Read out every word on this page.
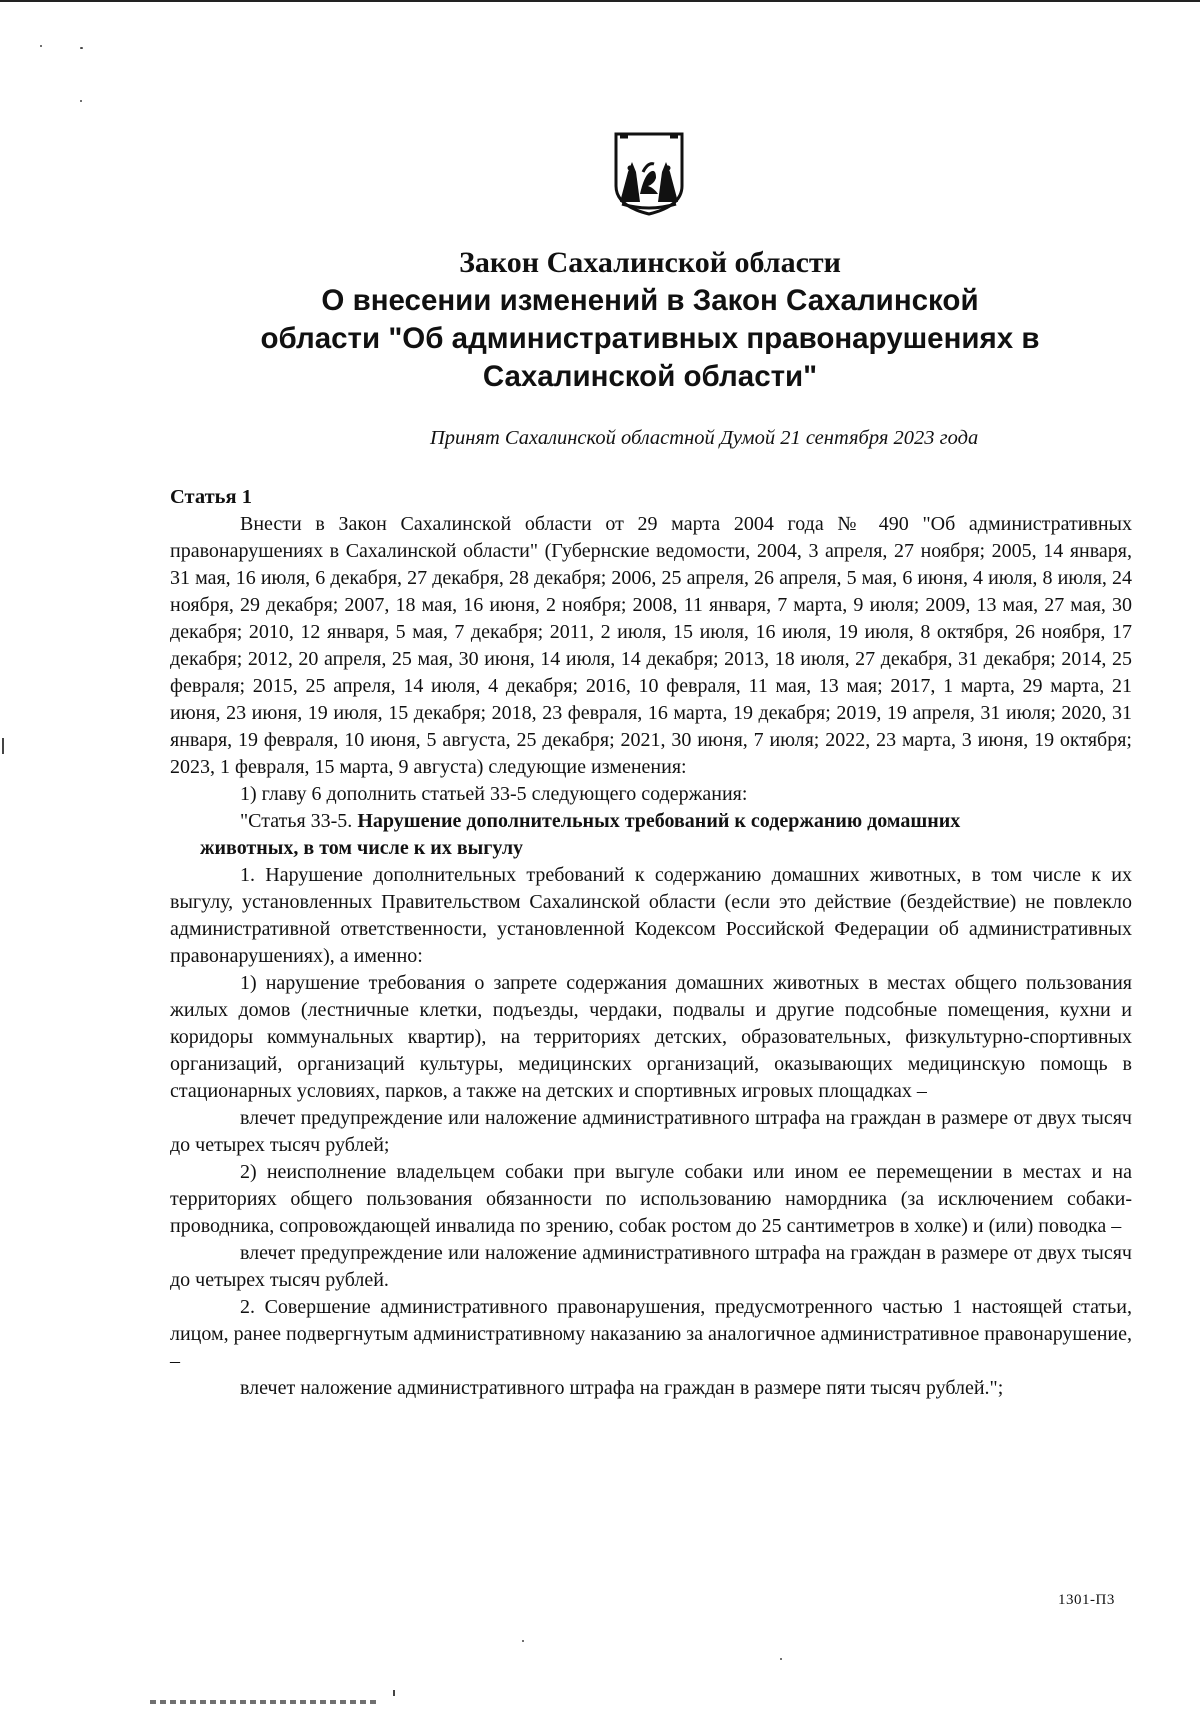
Закон Сахалинской области
О внесении изменений в Закон Сахалинской
области "Об административных правонарушениях в
Сахалинской области"
Принят Сахалинской областной Думой 21 сентября 2023 года

Статья 1

Внести в Закон Сахалинской области от 29 марта 2004 года № 490 "Об административных правонарушениях в Сахалинской области" (Губернские ведомости, 2004, 3 апреля, 27 ноября; 2005, 14 января, 31 мая, 16 июля, 6 декабря, 27 декабря, 28 декабря; 2006, 25 апреля, 26 апреля, 5 мая, 6 июня, 4 июля, 8 июля, 24 ноября, 29 декабря; 2007, 18 мая, 16 июня, 2 ноября; 2008, 11 января, 7 марта, 9 июля; 2009, 13 мая, 27 мая, 30 декабря; 2010, 12 января, 5 мая, 7 декабря; 2011, 2 июля, 15 июля, 16 июля, 19 июля, 8 октября, 26 ноября, 17 декабря; 2012, 20 апреля, 25 мая, 30 июня, 14 июля, 14 декабря; 2013, 18 июля, 27 декабря, 31 декабря; 2014, 25 февраля; 2015, 25 апреля, 14 июля, 4 декабря; 2016, 10 февраля, 11 мая, 13 мая; 2017, 1 марта, 29 марта, 21 июня, 23 июня, 19 июля, 15 декабря; 2018, 23 февраля, 16 марта, 19 декабря; 2019, 19 апреля, 31 июля; 2020, 31 января, 19 февраля, 10 июня, 5 августа, 25 декабря; 2021, 30 июня, 7 июля; 2022, 23 марта, 3 июня, 19 октября; 2023, 1 февраля, 15 марта, 9 августа) следующие изменения:

1) главу 6 дополнить статьей 33-5 следующего содержания:

"Статья 33-5. Нарушение дополнительных требований к содержанию домашних

животных, в том числе к их выгулу

1. Нарушение дополнительных требований к содержанию домашних животных, в том числе к их выгулу, установленных Правительством Сахалинской области (если это действие (бездействие) не повлекло административной ответственности, установленной Кодексом Российской Федерации об административных правонарушениях), а именно:

1) нарушение требования о запрете содержания домашних животных в местах общего пользования жилых домов (лестничные клетки, подъезды, чердаки, подвалы и другие подсобные помещения, кухни и коридоры коммунальных квартир), на территориях детских, образовательных, физкультурно-спортивных организаций, организаций культуры, медицинских организаций, оказывающих медицинскую помощь в стационарных условиях, парков, а также на детских и спортивных игровых площадках –

влечет предупреждение или наложение административного штрафа на граждан в размере от двух тысяч до четырех тысяч рублей;

2) неисполнение владельцем собаки при выгуле собаки или ином ее перемещении в местах и на территориях общего пользования обязанности по использованию намордника (за исключением собаки-проводника, сопровождающей инвалида по зрению, собак ростом до 25 сантиметров в холке) и (или) поводка –

влечет предупреждение или наложение административного штрафа на граждан в размере от двух тысяч до четырех тысяч рублей.

2. Совершение административного правонарушения, предусмотренного частью 1 настоящей статьи, лицом, ранее подвергнутым административному наказанию за аналогичное административное правонарушение, –

влечет наложение административного штрафа на граждан в размере пяти тысяч рублей.";

1301-П3
